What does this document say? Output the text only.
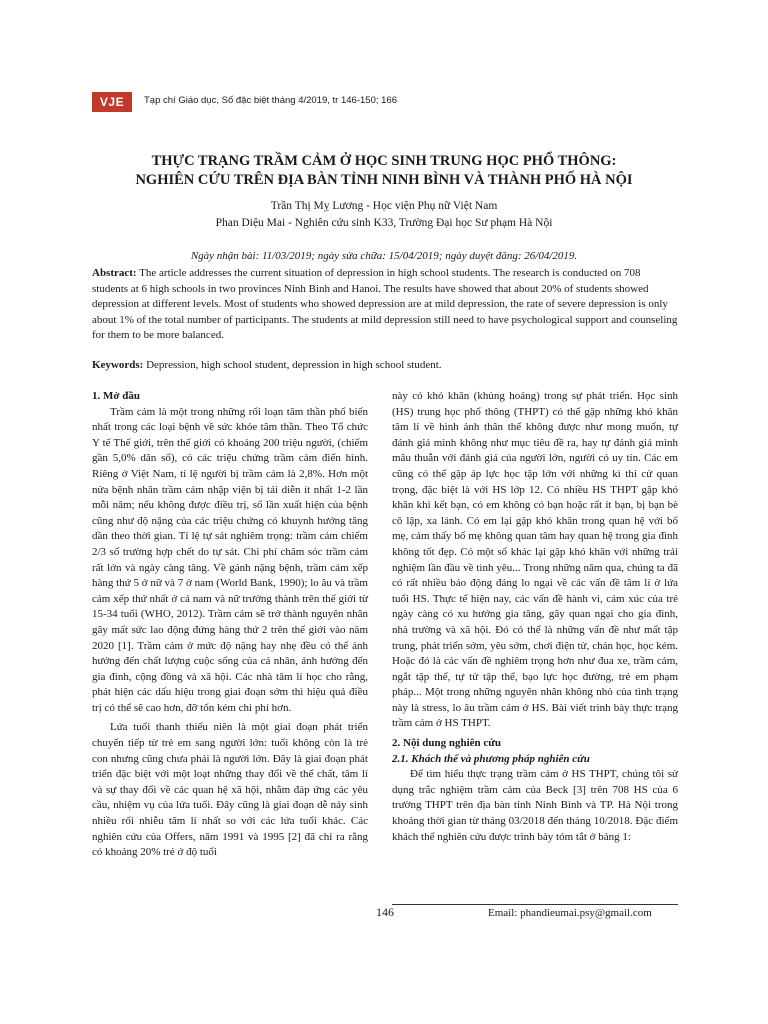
VJE	Tạp chí Giáo dục, Số đặc biệt tháng 4/2019, tr 146-150; 166
THỰC TRẠNG TRẦM CẢM Ở HỌC SINH TRUNG HỌC PHỔ THÔNG:
NGHIÊN CỨU TRÊN ĐỊA BÀN TỈNH NINH BÌNH VÀ THÀNH PHỐ HÀ NỘI
Trần Thị Mỵ Lương - Học viện Phụ nữ Việt Nam
Phan Diệu Mai - Nghiên cứu sinh K33, Trường Đại học Sư phạm Hà Nội
Ngày nhận bài: 11/03/2019; ngày sửa chữa: 15/04/2019; ngày duyệt đăng: 26/04/2019.
Abstract: The article addresses the current situation of depression in high school students. The research is conducted on 708 students at 6 high schools in two provinces Ninh Binh and Hanoi. The results have showed that about 20% of students showed depression at different levels. Most of students who showed depression are at mild depression, the rate of severe depression is only about 1% of the total number of participants. The students at mild depression still need to have psychological support and counseling for them to be more balanced.
Keywords: Depression, high school student, depression in high school student.
1. Mở đầu

Trầm cảm là một trong những rối loạn tâm thần phổ biến nhất trong các loại bệnh về sức khỏe tâm thần. Theo Tổ chức Y tế Thế giới, trên thế giới có khoảng 200 triệu người, (chiếm gần 5,0% dân số), có các triệu chứng trầm cảm điển hình. Riêng ở Việt Nam, tỉ lệ người bị trầm cảm là 2,8%. Hơn một nửa bệnh nhân trầm cảm nhập viện bị tái diễn ít nhất 1-2 lần mỗi năm; nếu không được điều trị, số lần xuất hiện của bệnh cũng như độ nặng của các triệu chứng có khuynh hướng tăng dần theo thời gian. Tỉ lệ tự sát nghiêm trọng: trầm cảm chiếm 2/3 số trường hợp chết do tự sát. Chi phí chăm sóc trầm cảm rất lớn và ngày càng tăng. Về gánh nặng bệnh, trầm cảm xếp hàng thứ 5 ở nữ và 7 ở nam (World Bank, 1990); lo âu và trầm cảm xếp thứ nhất ở cả nam và nữ trưởng thành trên thế giới từ 15-34 tuổi (WHO, 2012). Trầm cảm sẽ trở thành nguyên nhân gây mất sức lao động đứng hàng thứ 2 trên thế giới vào năm 2020 [1]. Trầm cảm ở mức độ nặng hay nhẹ đều có thể ảnh hưởng đến chất lượng cuộc sống của cá nhân, ảnh hưởng đến gia đình, cộng đồng và xã hội. Các nhà tâm lí học cho rằng, phát hiện các dấu hiệu trong giai đoạn sớm thì hiệu quả điều trị có thể sẽ cao hơn, đỡ tốn kém chi phí hơn.

Lứa tuổi thanh thiếu niên là một giai đoạn phát triển chuyển tiếp từ trẻ em sang người lớn: tuổi không còn là trẻ con nhưng cũng chưa phải là người lớn. Đây là giai đoạn phát triển đặc biệt với một loạt những thay đổi về thể chất, tâm lí và sự thay đổi về các quan hệ xã hội, nhằm đáp ứng các yêu cầu, nhiệm vụ của lứa tuổi. Đây cũng là giai đoạn dễ nảy sinh nhiều rối nhiễu tâm lí nhất so với các lứa tuổi khác. Các nghiên cứu của Offers, năm 1991 và 1995 [2] đã chỉ ra rằng có khoảng 20% trẻ ở độ tuổi

này có khó khăn (khủng hoảng) trong sự phát triển. Học sinh (HS) trung học phổ thông (THPT) có thể gặp những khó khăn tâm lí về hình ảnh thân thể không được như mong muốn, tự đánh giá mình không như mục tiêu đề ra, hay tự đánh giá mình mâu thuẫn với đánh giá của người lớn, người có uy tín. Các em cũng có thể gặp áp lực học tập lớn với những kì thi cử quan trọng, đặc biệt là với HS lớp 12. Có nhiều HS THPT gặp khó khăn khi kết bạn, có em không có bạn hoặc rất ít bạn, bị bạn bè cô lập, xa lánh. Có em lại gặp khó khăn trong quan hệ với bố mẹ, cảm thấy bố mẹ không quan tâm hay quan hệ trong gia đình không tốt đẹp. Có một số khác lại gặp khó khăn với những trải nghiệm lần đầu về tình yêu... Trong những năm qua, chúng ta đã có rất nhiều báo động đáng lo ngại về các vấn đề tâm lí ở lứa tuổi HS. Thực tế hiện nay, các vấn đề hành vi, cảm xúc của trẻ ngày càng có xu hướng gia tăng, gây quan ngại cho gia đình, nhà trường và xã hội. Đó có thể là những vấn đề như mất tập trung, phát triển sớm, yêu sớm, chơi điện tử, chán học, học kém. Hoặc đó là các vấn đề nghiêm trọng hơn như đua xe, trầm cảm, ngắt tập thể, tự tử tập thể, bạo lực học đường, trẻ em phạm pháp... Một trong những nguyên nhân không nhỏ của tình trạng này là stress, lo âu trầm cảm ở HS. Bài viết trình bày thực trạng trầm cảm ở HS THPT.

2. Nội dung nghiên cứu
2.1. Khách thể và phương pháp nghiên cứu

Để tìm hiểu thực trạng trầm cảm ở HS THPT, chúng tôi sử dụng trắc nghiệm trầm cảm của Beck [3] trên 708 HS của 6 trường THPT trên địa bàn tỉnh Ninh Bình và TP. Hà Nội trong khoảng thời gian từ tháng 03/2018 đến tháng 10/2018. Đặc điểm khách thể nghiên cứu được trình bày tóm tắt ở bảng 1:

146	Email: phandieumai.psy@gmail.com
